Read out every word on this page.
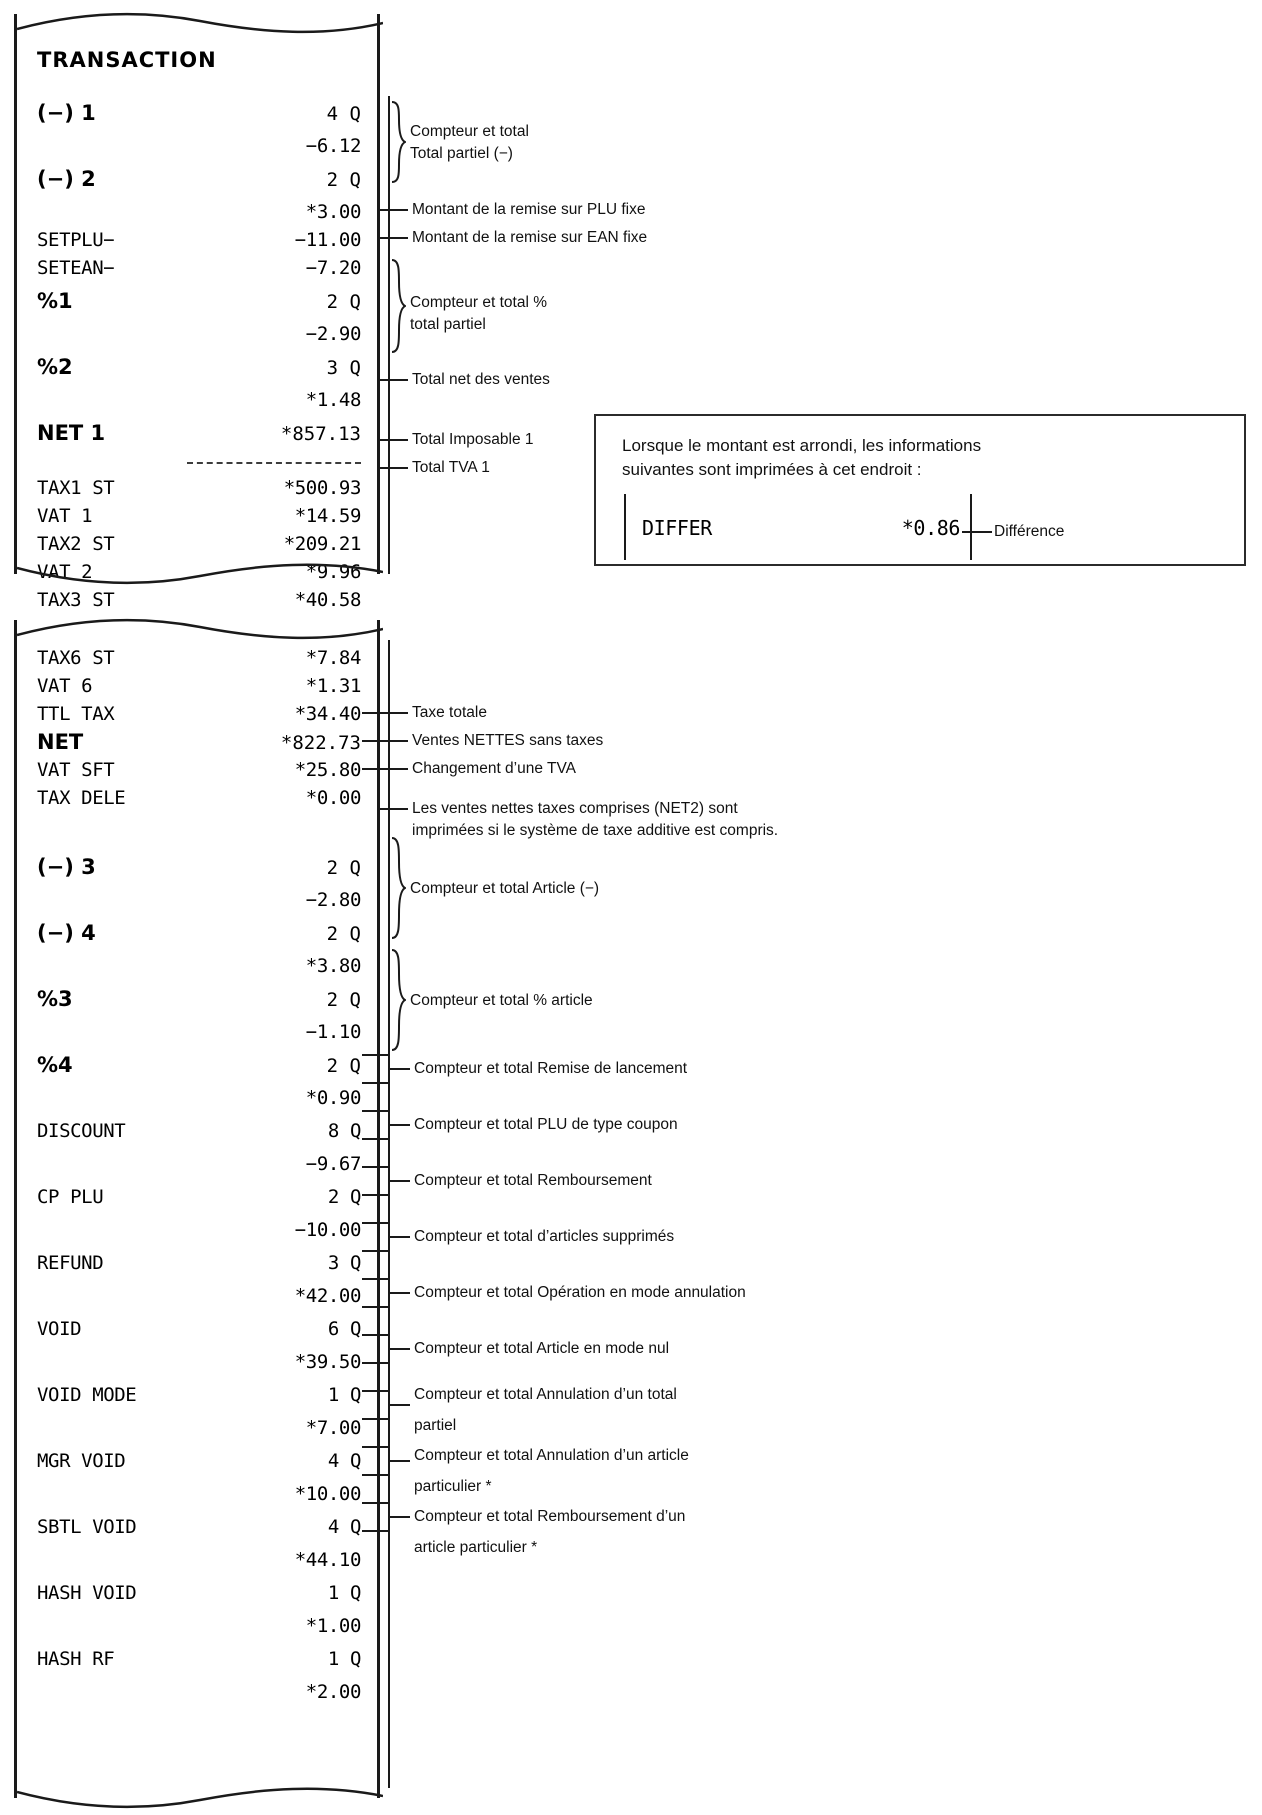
TRANSACTION
(−) 1	4 Q
−6.12
(−) 2	2 Q
*3.00
SETPLU−	−11.00
SETEAN−	−7.20
%1	2 Q
−2.90
%2	3 Q
*1.48
NET 1	*857.13
TAX1 ST	*500.93
VAT 1	*14.59
TAX2 ST	*209.21
VAT 2	*9.96
TAX3 ST	*40.58
Compteur et total
Total partiel (−)
Montant de la remise sur PLU fixe
Montant de la remise sur EAN fixe
Compteur et total %
total partiel
Total net des ventes
Total Imposable 1
Total TVA 1
Lorsque le montant est arrondi, les informations
suivantes sont imprimées à cet endroit :
DIFFER	*0.86 Différence
TAX6 ST	*7.84
VAT 6	*1.31
TTL TAX	*34.40
NET	*822.73
VAT SFT	*25.80
TAX DELE	*0.00
(−) 3	2 Q
−2.80
(−) 4	2 Q
*3.80
%3	2 Q
−1.10
%4	2 Q
*0.90
DISCOUNT	8 Q
−9.67
CP PLU	2 Q
−10.00
REFUND	3 Q
*42.00
VOID	6 Q
*39.50
VOID MODE	1 Q
*7.00
MGR VOID	4 Q
*10.00
SBTL VOID	4 Q
*44.10
HASH VOID	1 Q
*1.00
HASH RF	1 Q
*2.00
Taxe totale
Ventes NETTES sans taxes
Changement d’une TVA
Les ventes nettes taxes comprises (NET2) sont
imprimées si le système de taxe additive est compris.
Compteur et total Article (−)
Compteur et total % article
Compteur et total Remise de lancement
Compteur et total PLU de type coupon
Compteur et total Remboursement
Compteur et total d’articles supprimés
Compteur et total Opération en mode annulation
Compteur et total Article en mode nul
Compteur et total Annulation d’un total
partiel
Compteur et total Annulation d’un article
particulier *
Compteur et total Remboursement d’un
article particulier *
